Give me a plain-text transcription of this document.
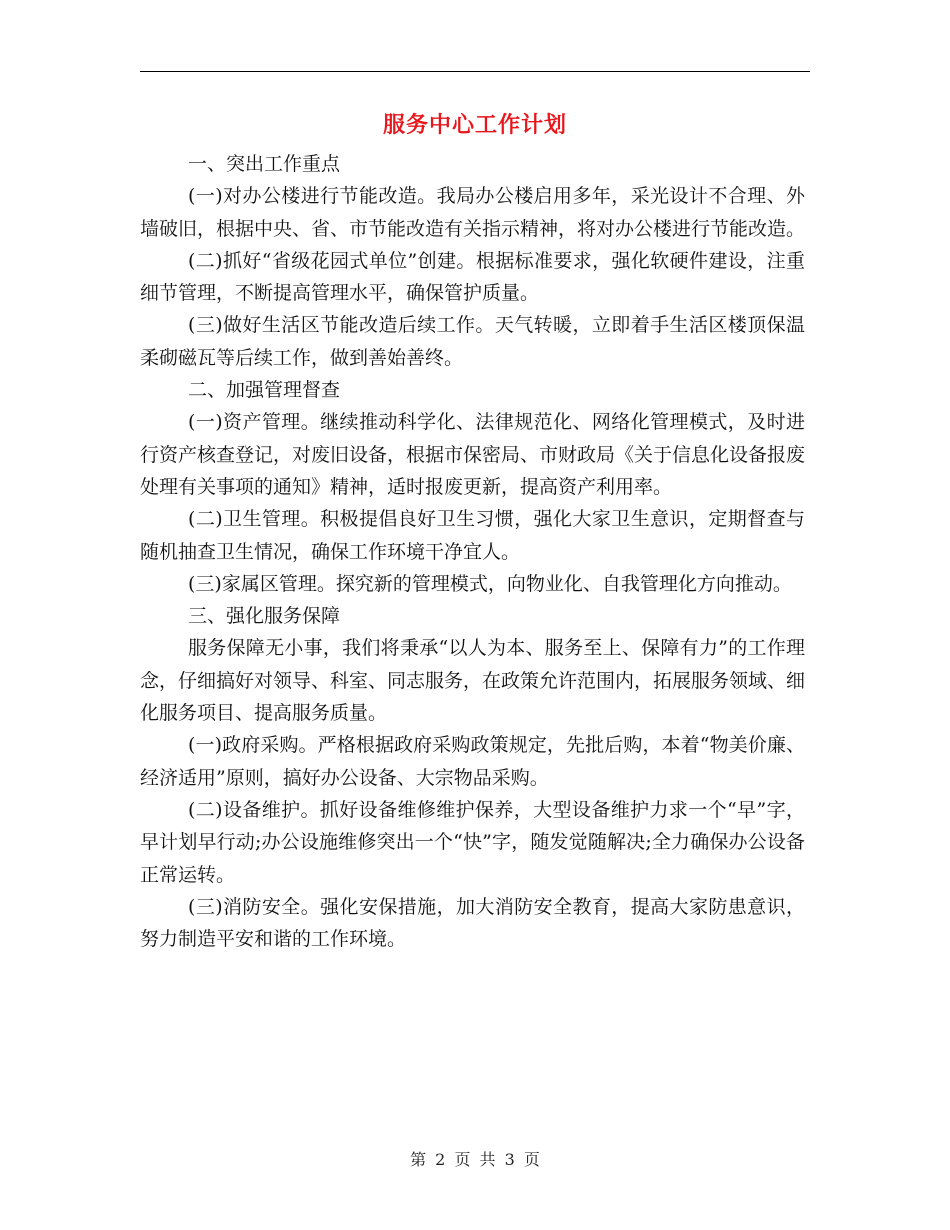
服务中心工作计划

一、突出工作重点

(一)对办公楼进行节能改造。我局办公楼启用多年，采光设计不合理、外墙破旧，根据中央、省、市节能改造有关指示精神，将对办公楼进行节能改造。

(二)抓好“省级花园式单位”创建。根据标准要求，强化软硬件建设，注重细节管理，不断提高管理水平，确保管护质量。

(三)做好生活区节能改造后续工作。天气转暖，立即着手生活区楼顶保温柔砌磁瓦等后续工作，做到善始善终。

二、加强管理督查

(一)资产管理。继续推动科学化、法律规范化、网络化管理模式，及时进行资产核查登记，对废旧设备，根据市保密局、市财政局《关于信息化设备报废处理有关事项的通知》精神，适时报废更新，提高资产利用率。

(二)卫生管理。积极提倡良好卫生习惯，强化大家卫生意识，定期督查与随机抽查卫生情况，确保工作环境干净宜人。

(三)家属区管理。探究新的管理模式，向物业化、自我管理化方向推动。

三、强化服务保障

服务保障无小事，我们将秉承“以人为本、服务至上、保障有力”的工作理念，仔细搞好对领导、科室、同志服务，在政策允许范围内，拓展服务领域、细化服务项目、提高服务质量。

(一)政府采购。严格根据政府采购政策规定，先批后购，本着“物美价廉、经济适用”原则，搞好办公设备、大宗物品采购。

(二)设备维护。抓好设备维修维护保养，大型设备维护力求一个“早”字，早计划早行动;办公设施维修突出一个“快”字，随发觉随解决;全力确保办公设备正常运转。

(三)消防安全。强化安保措施，加大消防安全教育，提高大家防患意识，努力制造平安和谐的工作环境。

第 2 页 共 3 页
